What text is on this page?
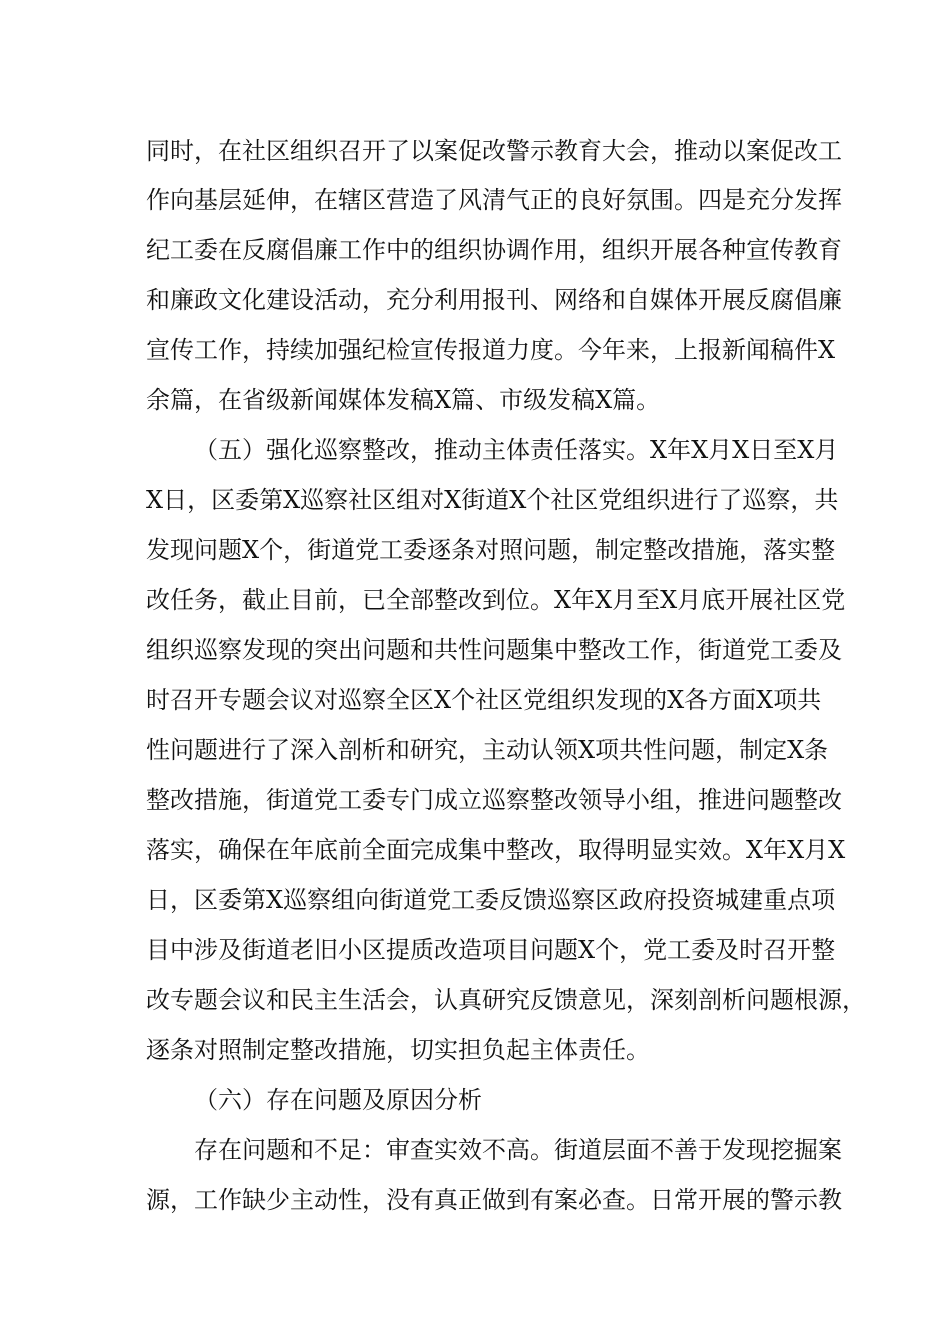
同时，在社区组织召开了以案促改警示教育大会，推动以案促改工
作向基层延伸，在辖区营造了风清气正的良好氛围。四是充分发挥
纪工委在反腐倡廉工作中的组织协调作用，组织开展各种宣传教育
和廉政文化建设活动，充分利用报刊、网络和自媒体开展反腐倡廉
宣传工作，持续加强纪检宣传报道力度。今年来，上报新闻稿件X
余篇，在省级新闻媒体发稿X篇、市级发稿X篇。
（五）强化巡察整改，推动主体责任落实。X年X月X日至X月
X日，区委第X巡察社区组对X街道X个社区党组织进行了巡察，共
发现问题X个，街道党工委逐条对照问题，制定整改措施，落实整
改任务，截止目前，已全部整改到位。X年X月至X月底开展社区党
组织巡察发现的突出问题和共性问题集中整改工作，街道党工委及
时召开专题会议对巡察全区X个社区党组织发现的X各方面X项共
性问题进行了深入剖析和研究，主动认领X项共性问题，制定X条
整改措施，街道党工委专门成立巡察整改领导小组，推进问题整改
落实，确保在年底前全面完成集中整改，取得明显实效。X年X月X
日，区委第X巡察组向街道党工委反馈巡察区政府投资城建重点项
目中涉及街道老旧小区提质改造项目问题X个，党工委及时召开整
改专题会议和民主生活会，认真研究反馈意见，深刻剖析问题根源，
逐条对照制定整改措施，切实担负起主体责任。
（六）存在问题及原因分析
存在问题和不足：审查实效不高。街道层面不善于发现挖掘案
源，工作缺少主动性，没有真正做到有案必查。日常开展的警示教
